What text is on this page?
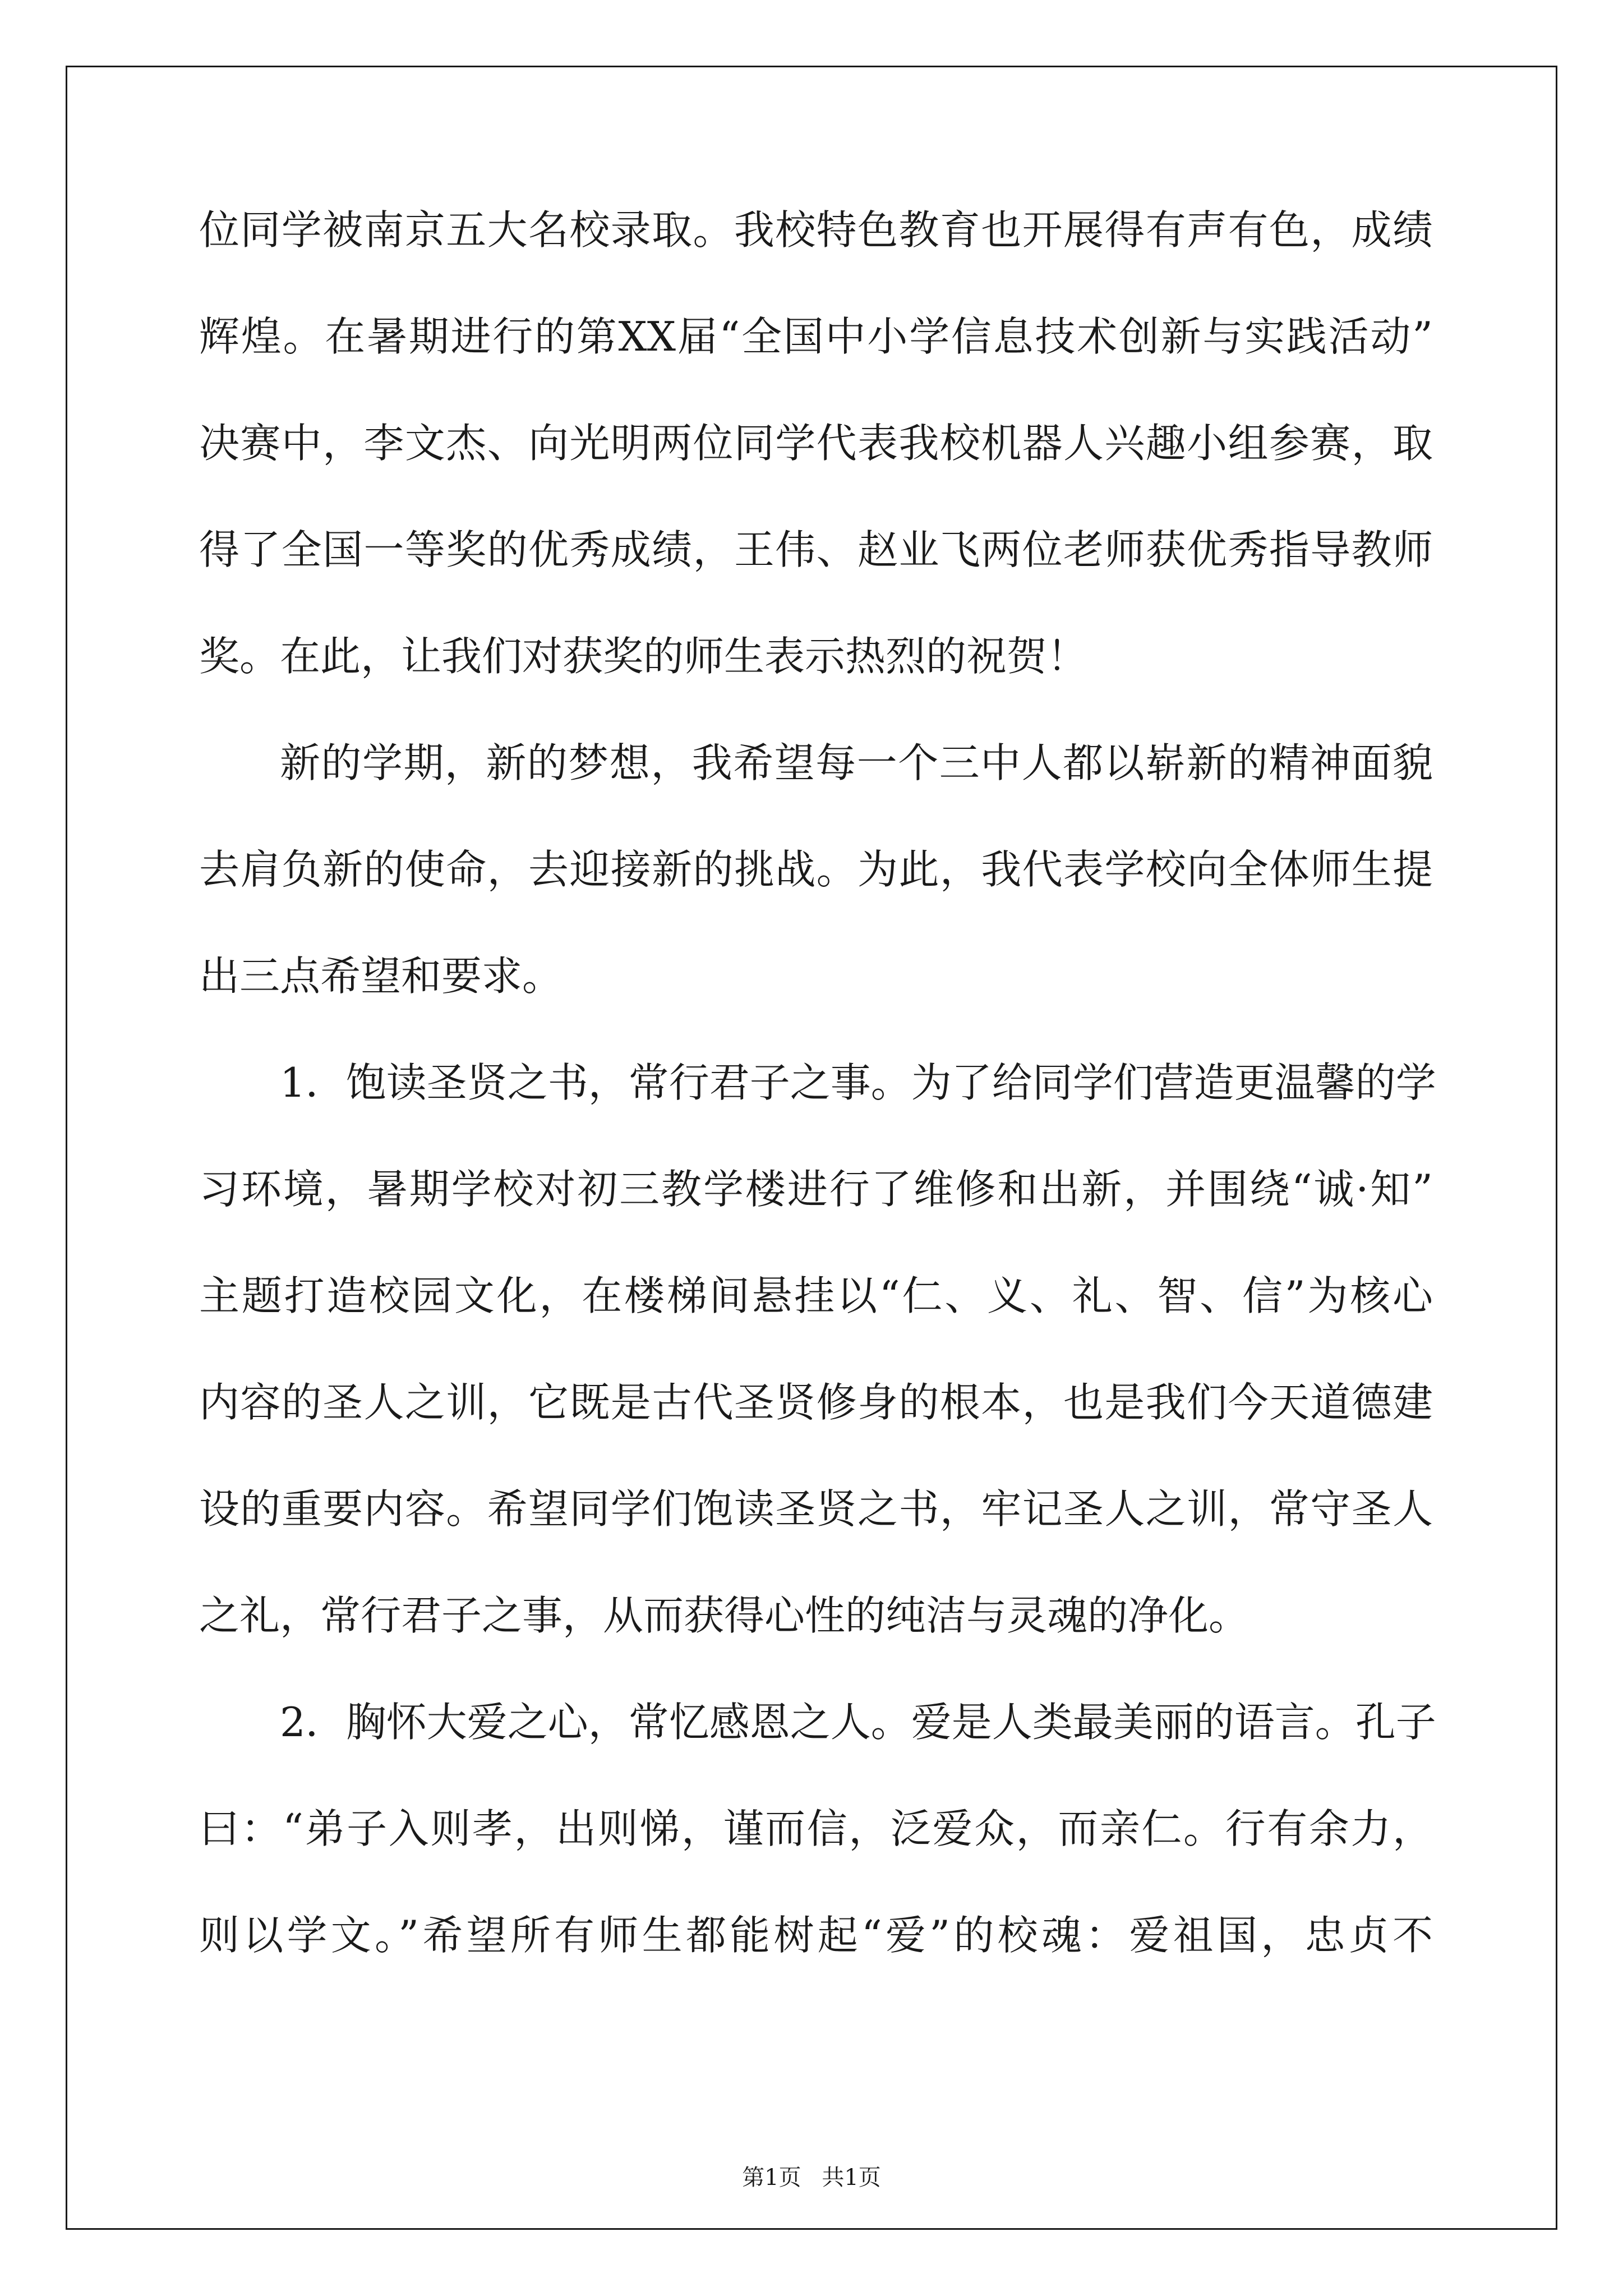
位同学被南京五大名校录取。我校特色教育也开展得有声有色，成绩
辉煌。在暑期进行的第XX届“全国中小学信息技术创新与实践活动”
决赛中，李文杰、向光明两位同学代表我校机器人兴趣小组参赛，取
得了全国一等奖的优秀成绩，王伟、赵业飞两位老师获优秀指导教师
奖。在此，让我们对获奖的师生表示热烈的祝贺！
新的学期，新的梦想，我希望每一个三中人都以崭新的精神面貌
去肩负新的使命，去迎接新的挑战。为此，我代表学校向全体师生提
出三点希望和要求。
1．饱读圣贤之书，常行君子之事。为了给同学们营造更温馨的学
习环境，暑期学校对初三教学楼进行了维修和出新，并围绕“诚·知”
主题打造校园文化，在楼梯间悬挂以“仁、义、礼、智、信”为核心
内容的圣人之训，它既是古代圣贤修身的根本，也是我们今天道德建
设的重要内容。希望同学们饱读圣贤之书，牢记圣人之训，常守圣人
之礼，常行君子之事，从而获得心性的纯洁与灵魂的净化。
2．胸怀大爱之心，常忆感恩之人。爱是人类最美丽的语言。孔子
曰：“弟子入则孝，出则悌，谨而信，泛爱众，而亲仁。行有余力，
则以学文。”希望所有师生都能树起“爱”的校魂：爱祖国，忠贞不
第1页 共1页
